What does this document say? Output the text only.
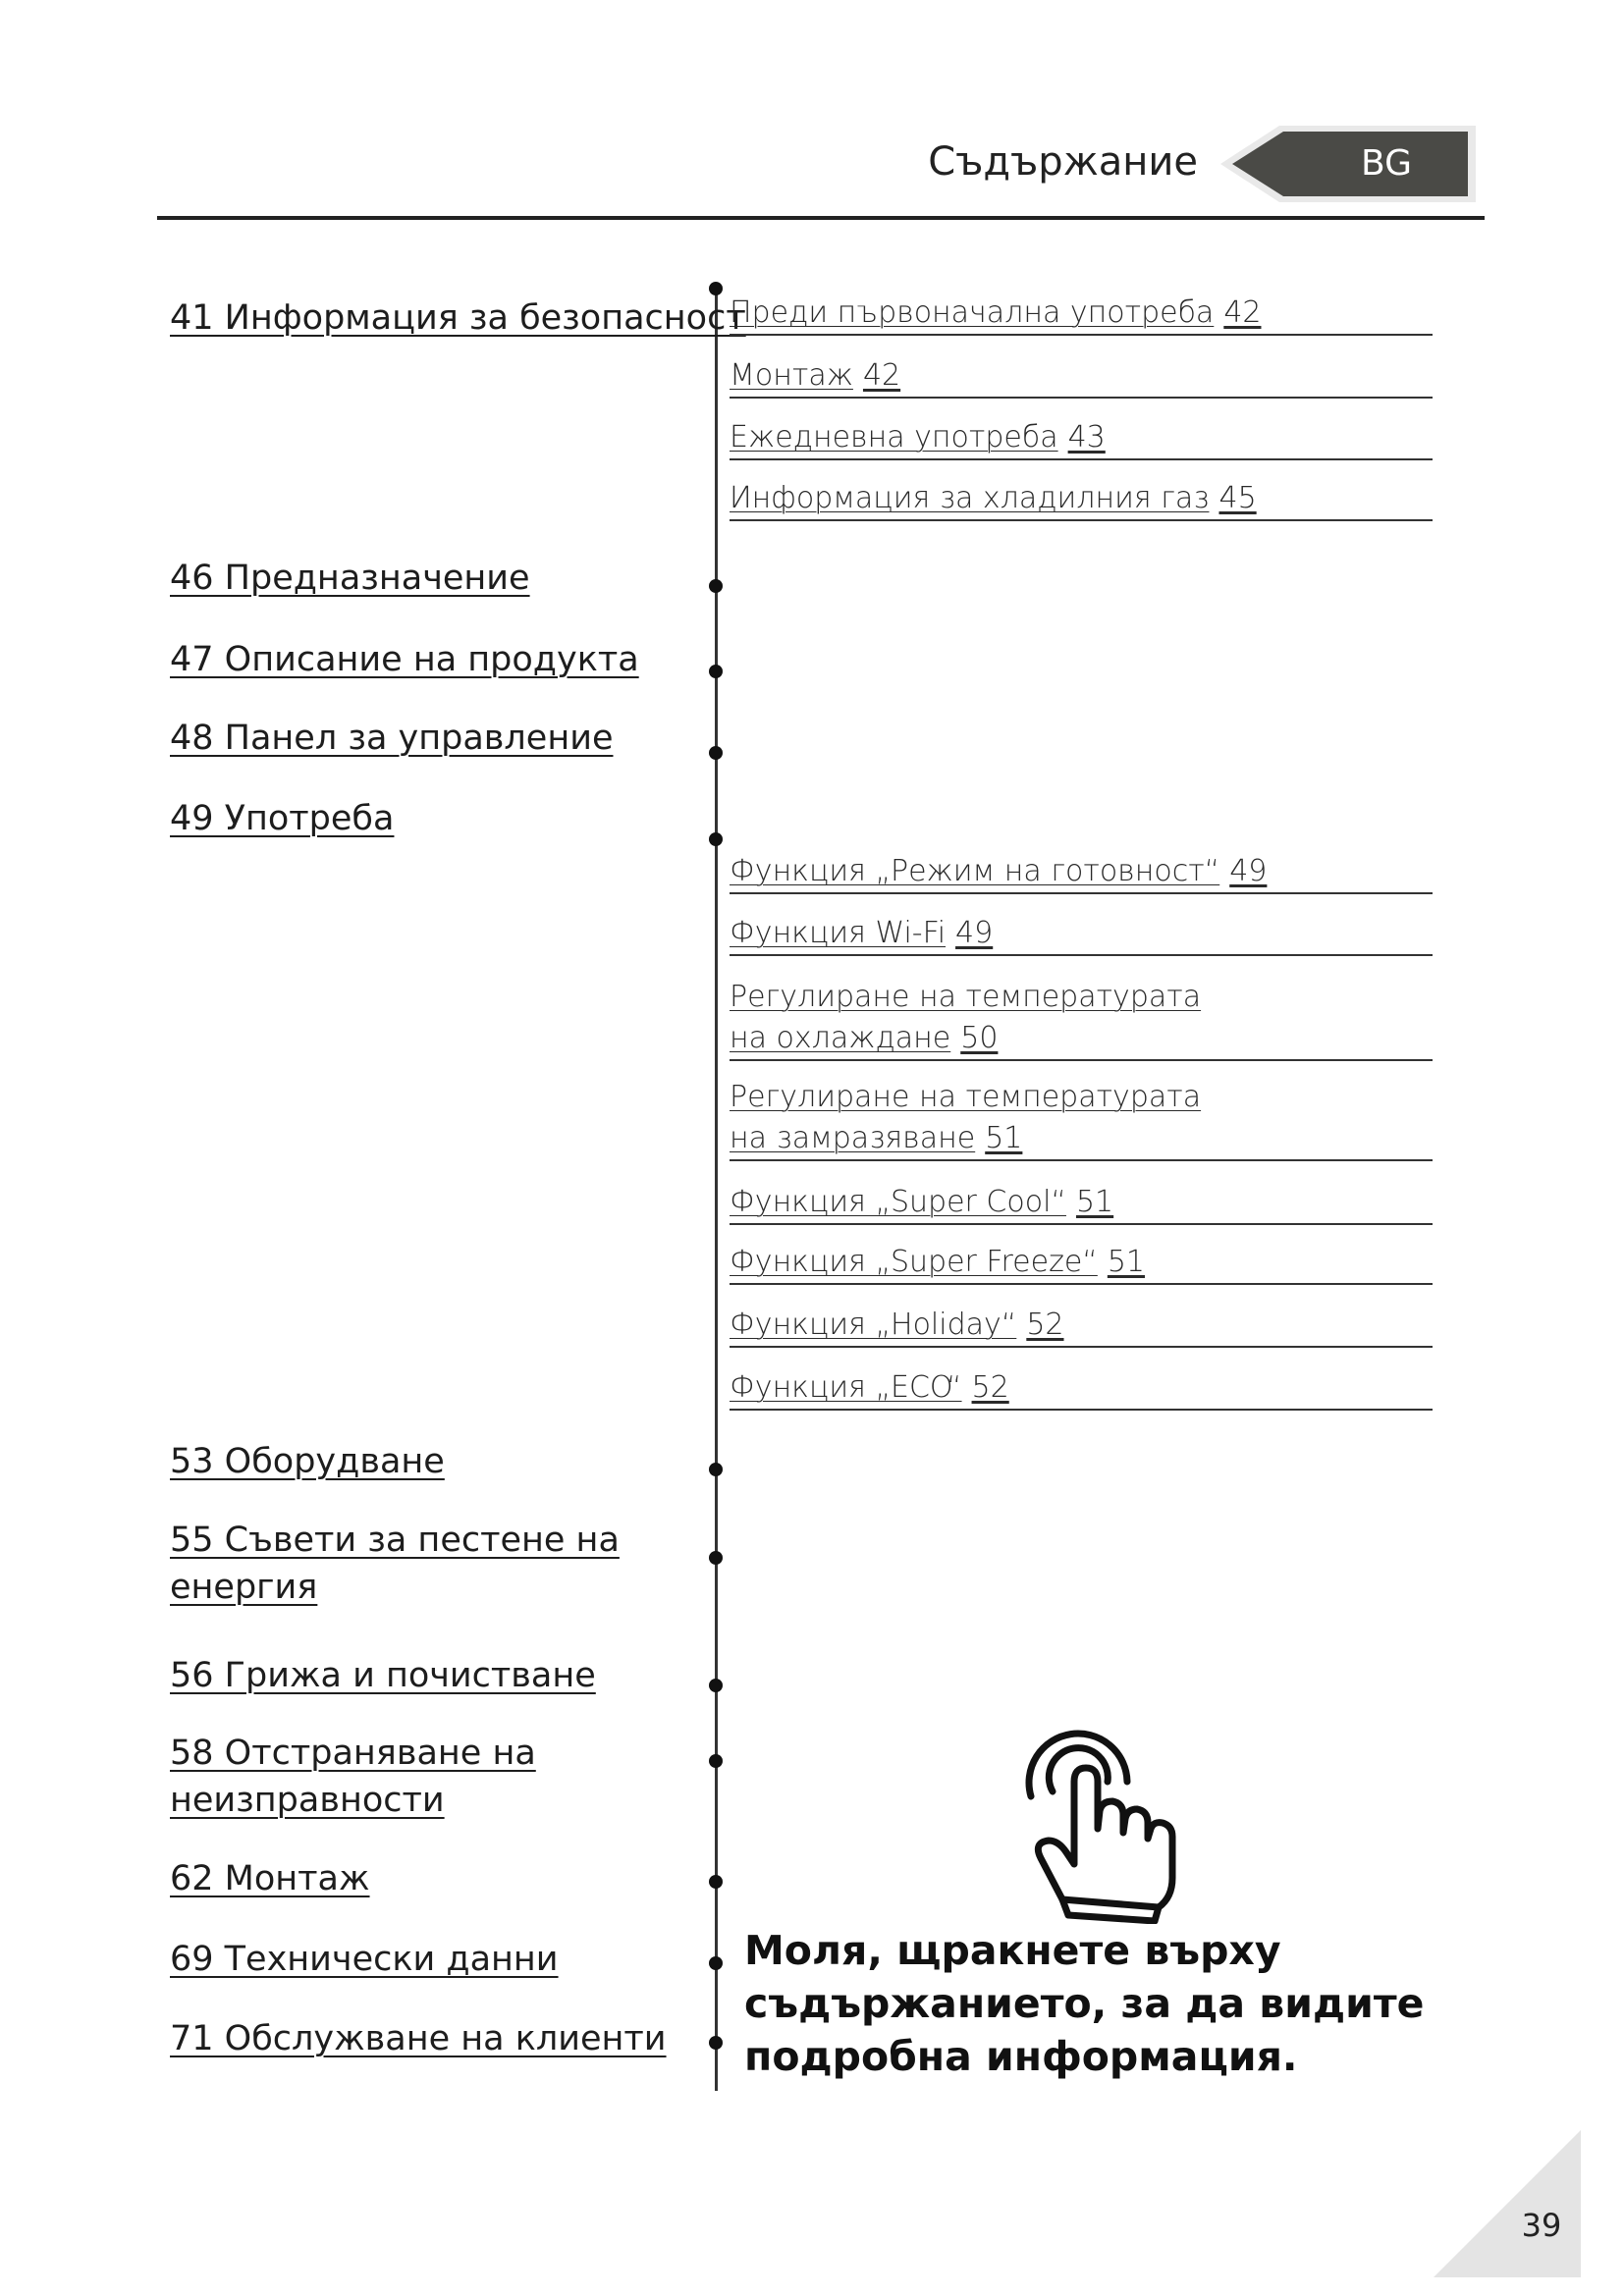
Съдържание	BG
41 Информация за безопасност
46 Предназначение
47 Описание на продукта
48 Панел за управление
49 Употреба
53 Оборудване
55 Съвети за пестене на
енергия
56 Грижа и почистване
58 Отстраняване на
неизправности
62 Монтаж
69 Технически данни
71 Обслужване на клиенти
Преди първоначална употреба 42
Монтаж 42
Ежедневна употреба 43
Информация за хладилния газ 45
Функция „Режим на готовност“ 49
Функция Wi-Fi 49
Регулиране на температурата
на охлаждане 50
Регулиране на температурата
на замразяване 51
Функция „Super Cool“ 51
Функция „Super Freeze“ 51
Функция „Holiday“ 52
Функция „ECO“ 52
Моля, щракнете върху
съдържанието, за да видите
подробна информация.
39
